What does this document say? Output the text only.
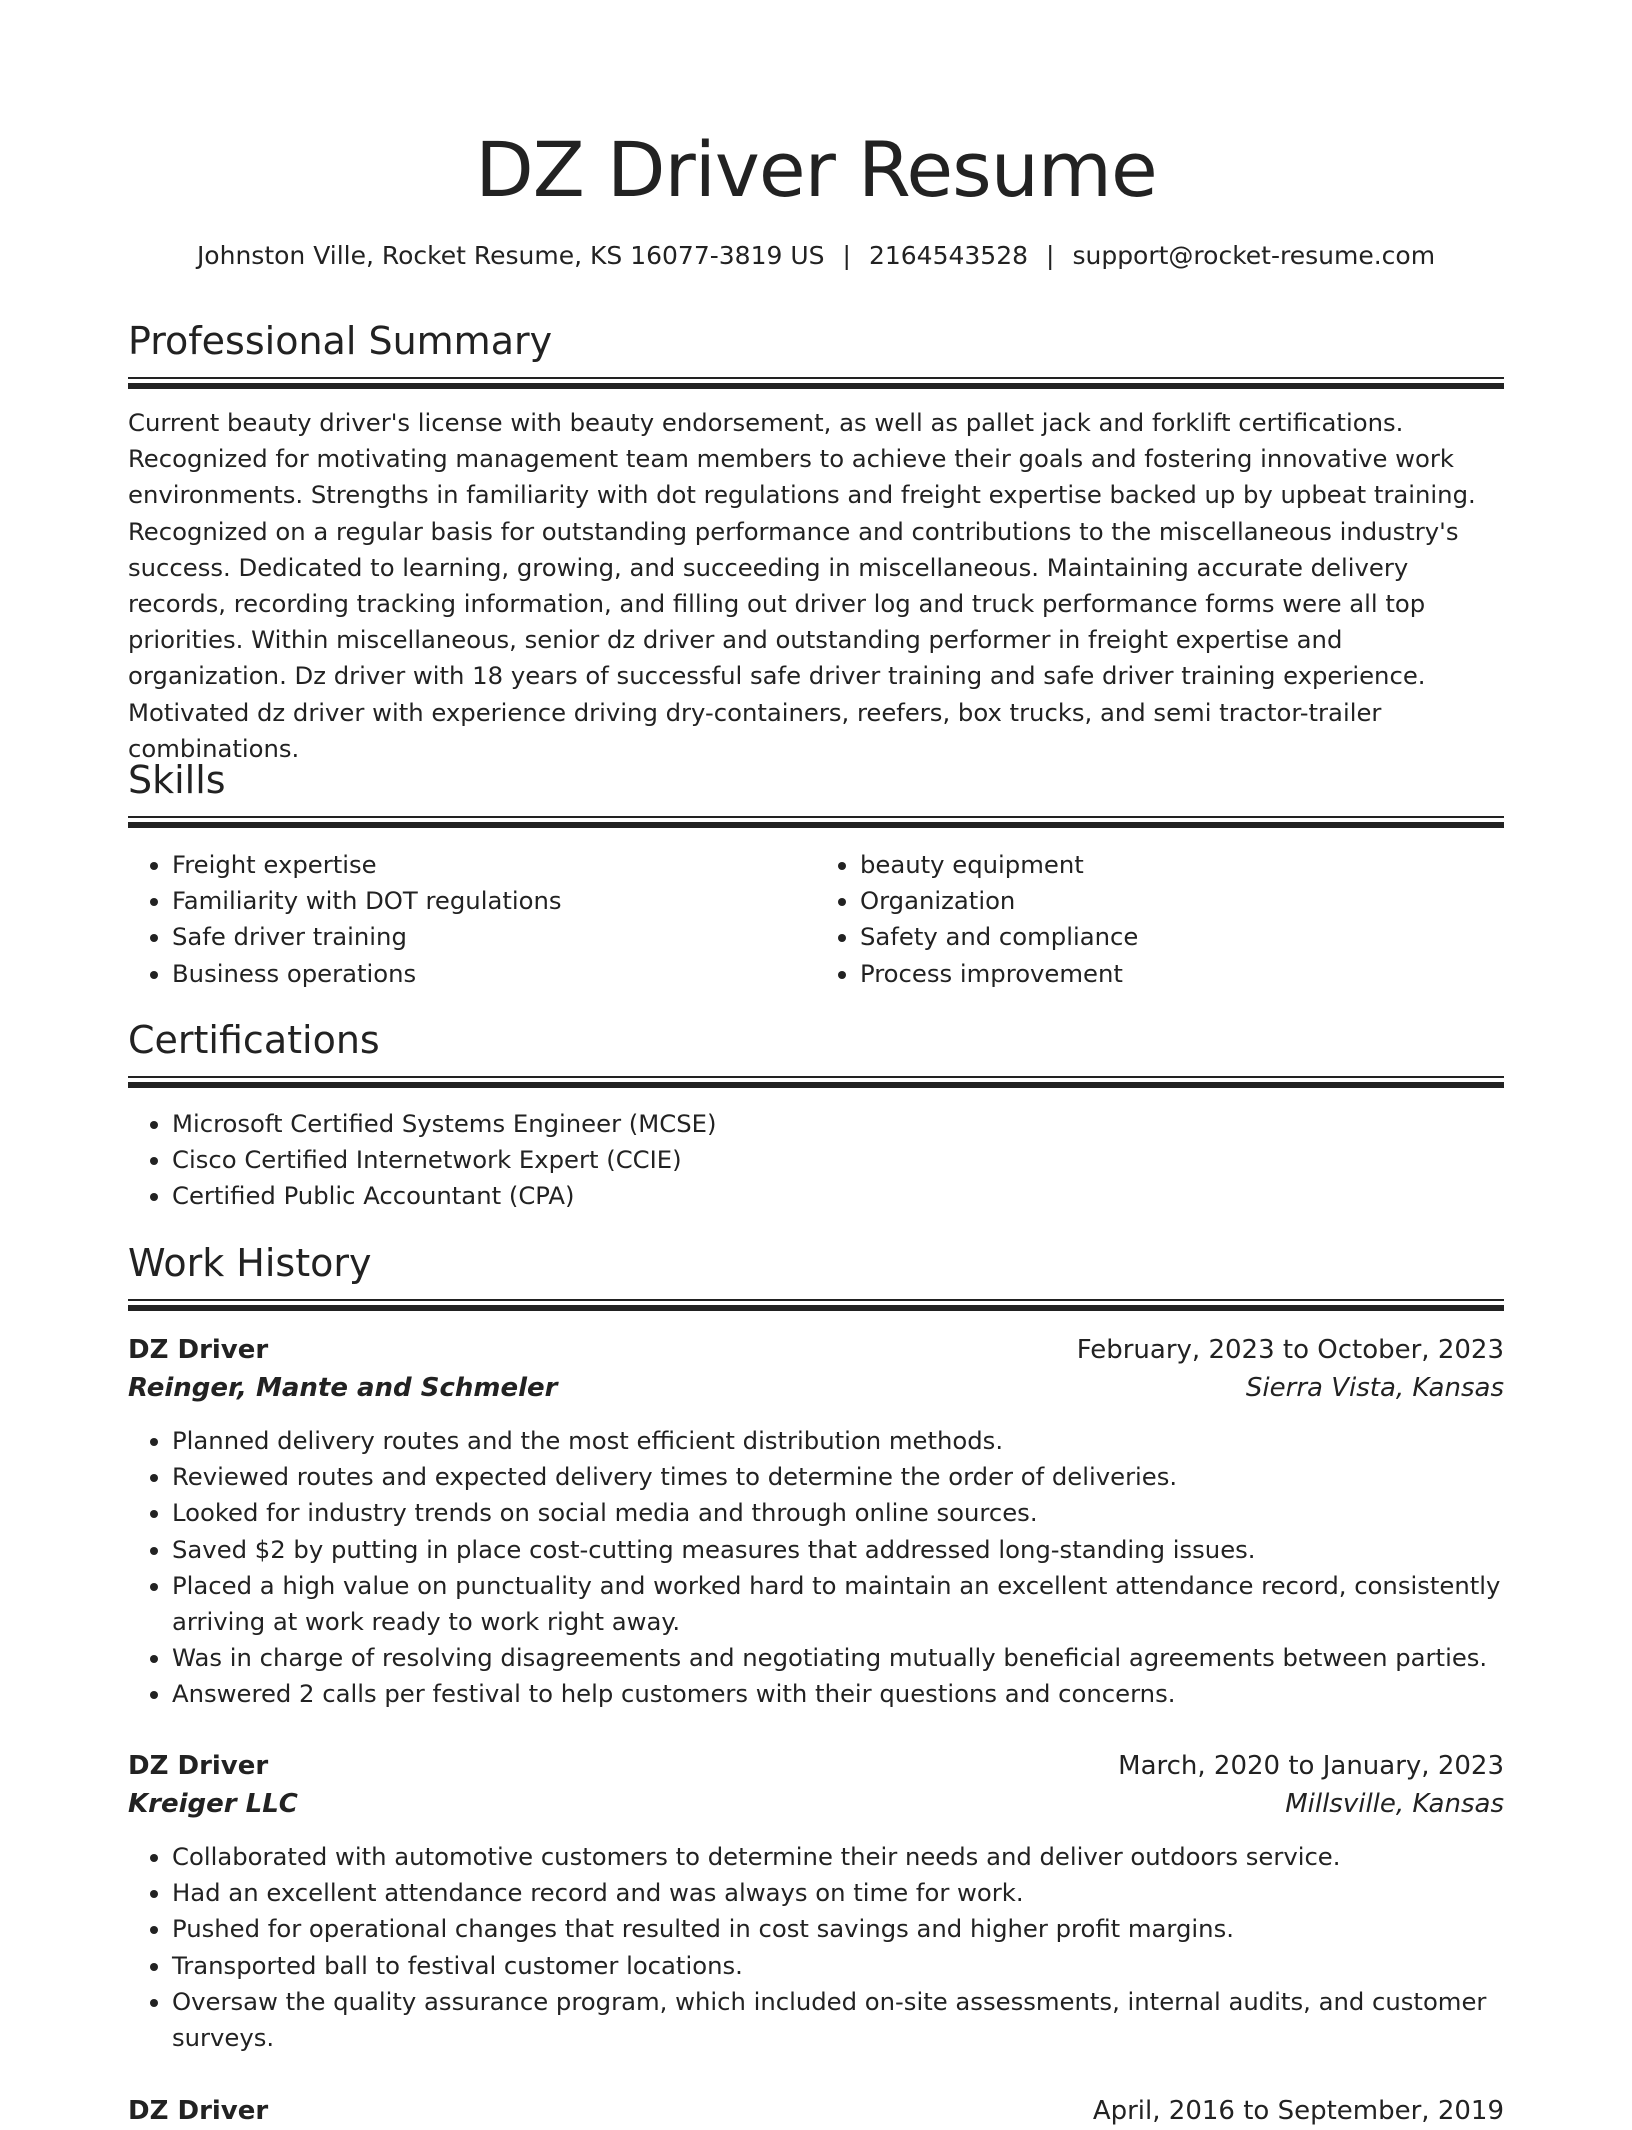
DZ Driver Resume
Johnston Ville, Rocket Resume, KS 16077-3819 US | 2164543528 | support@rocket-resume.com
Professional Summary

Current beauty driver's license with beauty endorsement, as well as pallet jack and forklift certifications. Recognized for motivating management team members to achieve their goals and fostering innovative work environments. Strengths in familiarity with dot regulations and freight expertise backed up by upbeat training. Recognized on a regular basis for outstanding performance and contributions to the miscellaneous industry's success. Dedicated to learning, growing, and succeeding in miscellaneous. Maintaining accurate delivery records, recording tracking information, and filling out driver log and truck performance forms were all top priorities. Within miscellaneous, senior dz driver and outstanding performer in freight expertise and organization. Dz driver with 18 years of successful safe driver training and safe driver training experience. Motivated dz driver with experience driving dry-containers, reefers, box trucks, and semi tractor-trailer combinations.

Skills
• Freight expertise
• Familiarity with DOT regulations
• Safe driver training
• Business operations
• beauty equipment
• Organization
• Safety and compliance
• Process improvement
Certifications
• Microsoft Certified Systems Engineer (MCSE)
• Cisco Certified Internetwork Expert (CCIE)
• Certified Public Accountant (CPA)
Work History
DZ Driver	February, 2023 to October, 2023
Reinger, Mante and Schmeler	Sierra Vista, Kansas
• Planned delivery routes and the most efficient distribution methods.
• Reviewed routes and expected delivery times to determine the order of deliveries.
• Looked for industry trends on social media and through online sources.
• Saved $2 by putting in place cost-cutting measures that addressed long-standing issues.
• Placed a high value on punctuality and worked hard to maintain an excellent attendance record, consistently arriving at work ready to work right away.
• Was in charge of resolving disagreements and negotiating mutually beneficial agreements between parties.
• Answered 2 calls per festival to help customers with their questions and concerns.
DZ Driver	March, 2020 to January, 2023
Kreiger LLC	Millsville, Kansas
• Collaborated with automotive customers to determine their needs and deliver outdoors service.
• Had an excellent attendance record and was always on time for work.
• Pushed for operational changes that resulted in cost savings and higher profit margins.
• Transported ball to festival customer locations.
• Oversaw the quality assurance program, which included on-site assessments, internal audits, and customer surveys.
DZ Driver	April, 2016 to September, 2019
